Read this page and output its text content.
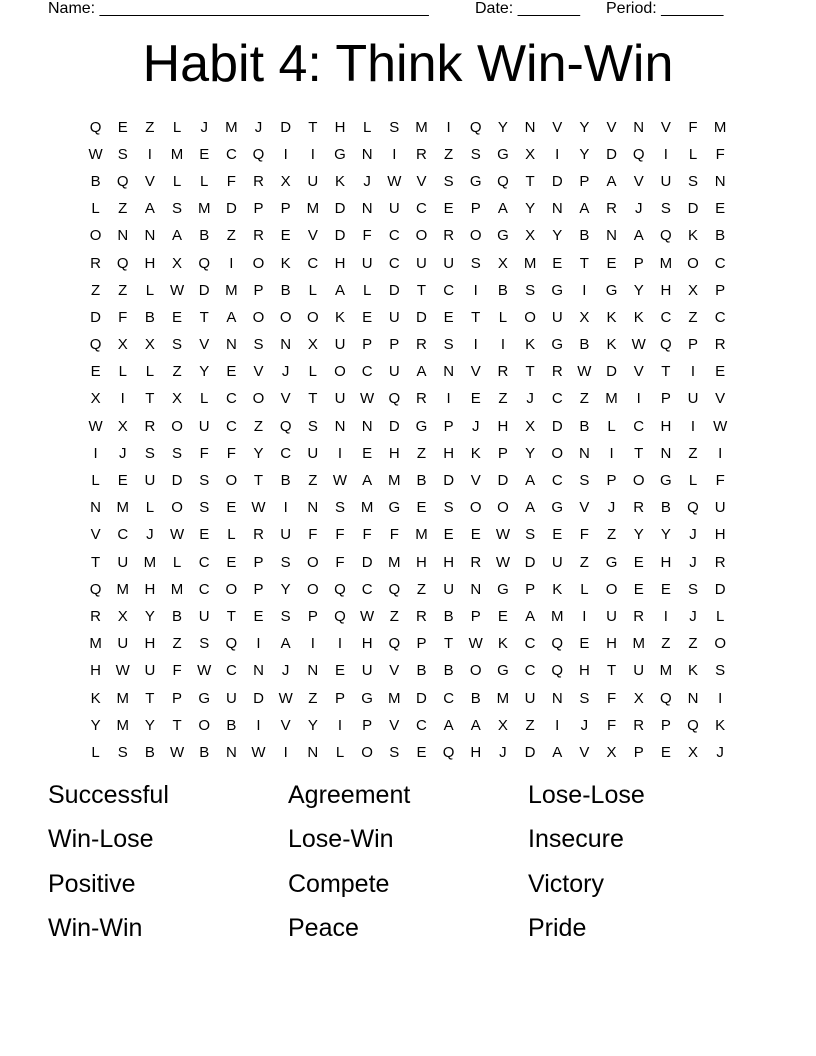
Name: _____________________________________	Date: _______ Period: _______
Habit 4: Think Win-Win
Q	E	Z	L	J	M	J	D	T	H	L	S	M	I	Q	Y	N	V	Y	V	N	V	F	M
W	S	I	M	E	C	Q	I	I	G	N	I	R	Z	S	G	X	I	Y	D	Q	I	L	F
B	Q	V	L	L	F	R	X	U	K	J	W	V	S	G	Q	T	D	P	A	V	U	S	N
L	Z	A	S	M	D	P	P	M	D	N	U	C	E	P	A	Y	N	A	R	J	S	D	E
O	N	N	A	B	Z	R	E	V	D	F	C	O	R	O	G	X	Y	B	N	A	Q	K	B
R	Q	H	X	Q	I	O	K	C	H	U	C	U	U	S	X	M	E	T	E	P	M	O	C
Z	Z	L	W D	M	P	B	L	A	L	D	T	C	I	B	S	G	I	G	Y	H	X	P
D	F	B	E	T	A	O	O	O	K	E	U	D	E	T	L	O	U	X	K	K	C	Z	C
Q	X	X	S	V	N	S	N	X	U	P	P	R	S	I	I	K	G	B	K	W Q	P	R
E	L	L	Z	Y	E	V	J	L	O	C	U	A	N	V	R	T	R W D	V	T	I	E
X	I	T	X	L	C	O	V	T	U W Q	R	I	E	Z	J	C	Z	M	I	P	U	V
W	X	R	O	U	C	Z	Q	S	N	N	D	G	P	J	H	X	D	B	L	C	H	I	W
I	J	S	S	F	F	Y	C	U	I	E	H	Z	H	K	P	Y	O	N	I	T	N	Z	I
L	E	U	D	S	O	T	B	Z	W	A	M	B	D	V	D	A	C	S	P	O	G	L	F
N	M	L	O	S	E	W	I	N	S	M	G	E	S	O	O	A	G	V	J	R	B	Q	U
V	C	J	W	E	L	R	U	F	F	F	F	M	E	E	W	S	E	F	Z	Y	Y	J	H
T	U	M	L	C	E	P	S	O	F	D	M	H	H	R W D	U	Z	G	E	H	J	R
Q	M	H	M	C	O	P	Y	O	Q	C	Q	Z	U	N	G	P	K	L	O	E	E	S	D
R	X	Y	B	U	T	E	S	P	Q W	Z	R	B	P	E	A	M	I	U	R	I	J	L
M	U	H	Z	S	Q	I	A	I	I	H	Q	P	T	W	K	C	Q	E	H	M	Z	Z	O
H W U	F	W C	N	J	N	E	U	V	B	B	O	G	C	Q	H	T	U	M	K	S
K	M	T	P	G	U	D W	Z	P	G	M	D	C	B	M	U	N	S	F	X	Q	N	I
Y	M	Y	T	O	B	I	V	Y	I	P	V	C	A	A	X	Z	I	J	F	R	P	Q	K
L	S	B	W	B	N W	I	N	L	O	S	E	Q	H	J	D	A	V	X	P	E	X	J
Successful	Agreement	Lose-Lose
Win-Lose	Lose-Win	Insecure
Positive	Compete	Victory
Win-Win	Peace	Pride
